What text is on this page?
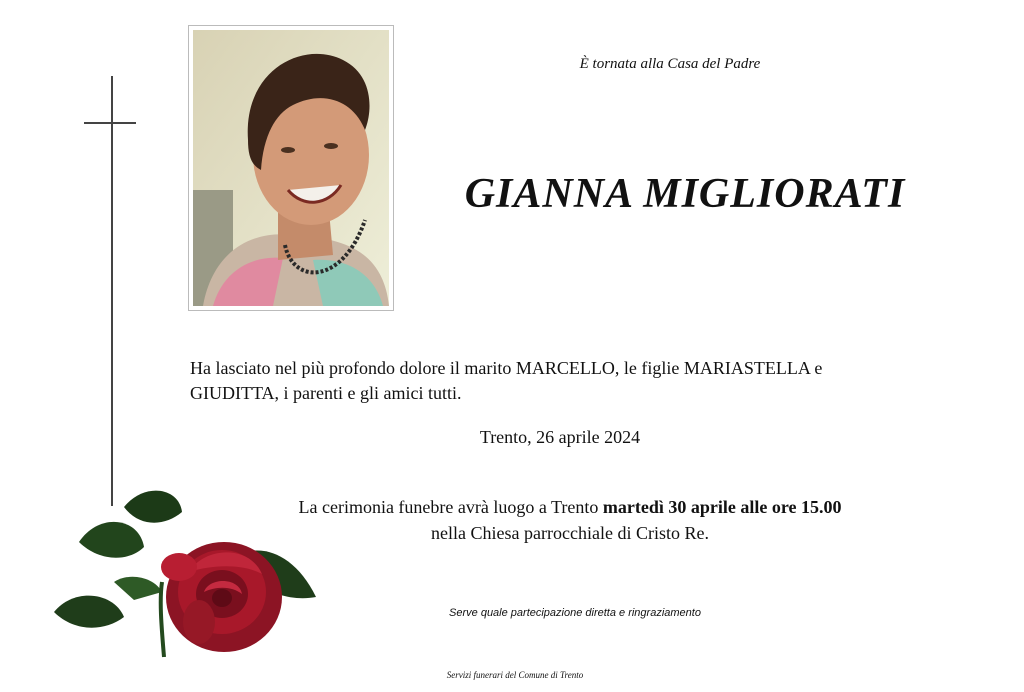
È tornata alla Casa del Padre
GIANNA MIGLIORATI
Ha lasciato nel più profondo dolore il marito MARCELLO, le figlie MARIASTELLA e GIUDITTA, i parenti e gli amici tutti.
Trento, 26 aprile 2024
La cerimonia funebre avrà luogo a Trento martedì 30 aprile alle ore 15.00
nella Chiesa parrocchiale di Cristo Re.
Serve quale partecipazione diretta e ringraziamento
Servizi funerari del Comune di Trento
